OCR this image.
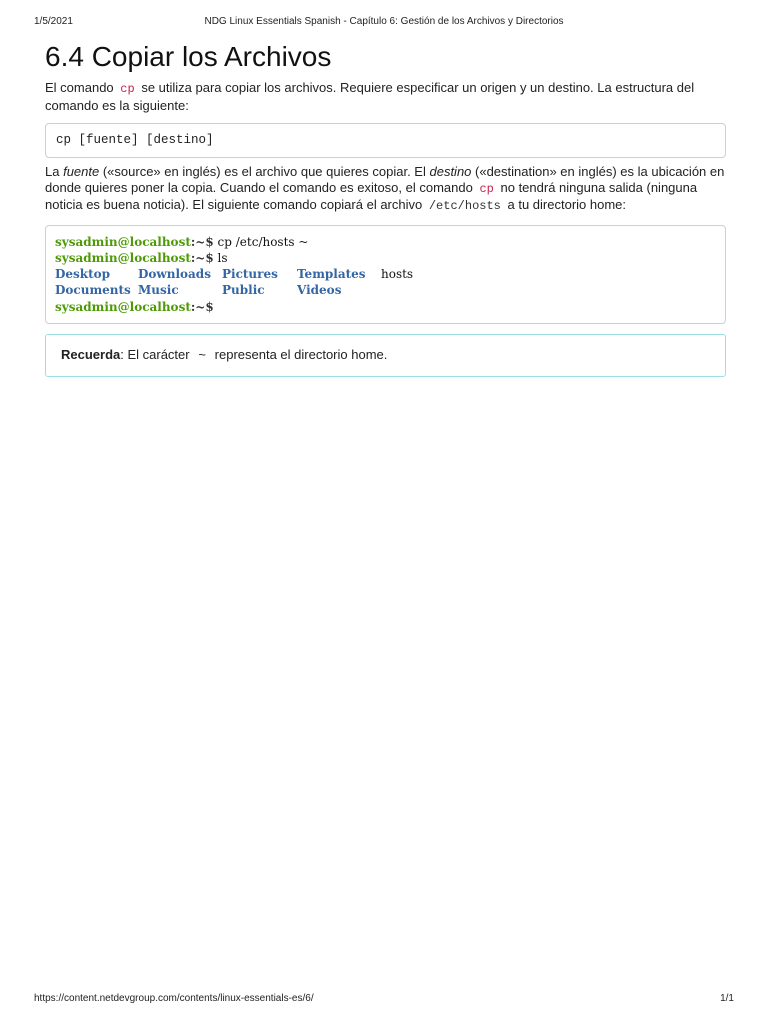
1/5/2021	NDG Linux Essentials Spanish - Capítulo 6: Gestión de los Archivos y Directorios
6.4 Copiar los Archivos

El comando cp se utiliza para copiar los archivos. Requiere especificar un origen y un destino. La estructura del comando es la siguiente:

cp [fuente] [destino]

La fuente («source» en inglés) es el archivo que quieres copiar. El destino («destination» en inglés) es la ubicación en donde quieres poner la copia. Cuando el comando es exitoso, el comando cp no tendrá ninguna salida (ninguna noticia es buena noticia). El siguiente comando copiará el archivo /etc/hosts a tu directorio home:

sysadmin@localhost:~$ cp /etc/hosts ~
sysadmin@localhost:~$ ls
Desktop Downloads Pictures Templates hosts
Documents Music	Public	Videos
sysadmin@localhost:~$
Recuerda: El carácter ~ representa el directorio home.
https://content.netdevgroup.com/contents/linux-essentials-es/6/	1/1
